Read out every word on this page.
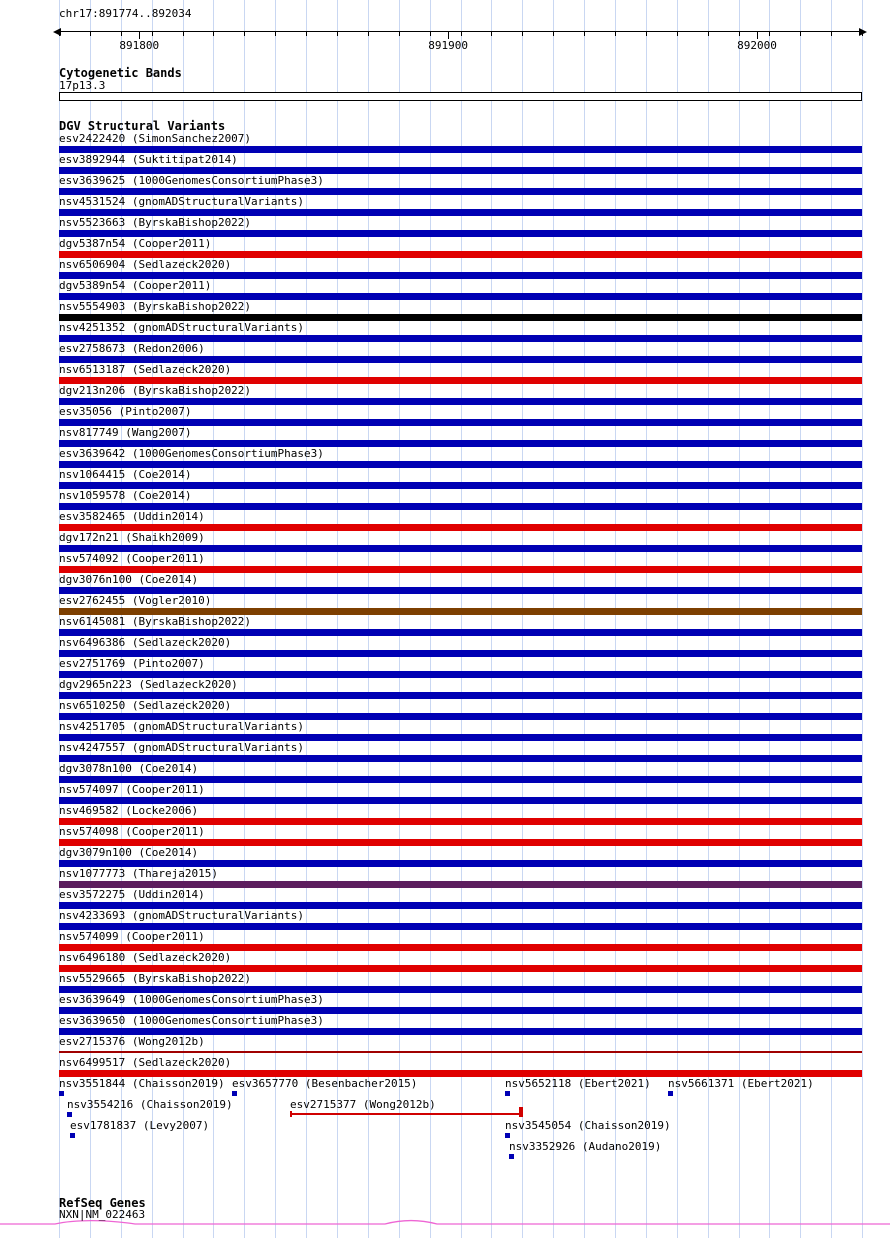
chr17:891774..892034
891800	891900	892000
Cytogenetic Bands
17p13.3
DGV Structural Variants
esv2422420 (SimonSanchez2007)
esv3892944 (Suktitipat2014)
esv3639625 (1000GenomesConsortiumPhase3)
nsv4531524 (gnomADStructuralVariants)
nsv5523663 (ByrskaBishop2022)
dgv5387n54 (Cooper2011)
nsv6506904 (Sedlazeck2020)
dgv5389n54 (Cooper2011)
nsv5554903 (ByrskaBishop2022)
nsv4251352 (gnomADStructuralVariants)
esv2758673 (Redon2006)
nsv6513187 (Sedlazeck2020)
dgv213n206 (ByrskaBishop2022)
esv35056 (Pinto2007)
nsv817749 (Wang2007)
esv3639642 (1000GenomesConsortiumPhase3)
nsv1064415 (Coe2014)
nsv1059578 (Coe2014)
esv3582465 (Uddin2014)
dgv172n21 (Shaikh2009)
nsv574092 (Cooper2011)
dgv3076n100 (Coe2014)
esv2762455 (Vogler2010)
nsv6145081 (ByrskaBishop2022)
nsv6496386 (Sedlazeck2020)
esv2751769 (Pinto2007)
dgv2965n223 (Sedlazeck2020)
nsv6510250 (Sedlazeck2020)
nsv4251705 (gnomADStructuralVariants)
nsv4247557 (gnomADStructuralVariants)
dgv3078n100 (Coe2014)
nsv574097 (Cooper2011)
nsv469582 (Locke2006)
nsv574098 (Cooper2011)
dgv3079n100 (Coe2014)
nsv1077773 (Thareja2015)
esv3572275 (Uddin2014)
nsv4233693 (gnomADStructuralVariants)
nsv574099 (Cooper2011)
nsv6496180 (Sedlazeck2020)
nsv5529665 (ByrskaBishop2022)
esv3639649 (1000GenomesConsortiumPhase3)
esv3639650 (1000GenomesConsortiumPhase3)
esv2715376 (Wong2012b)
nsv6499517 (Sedlazeck2020)
nsv3551844 (Chaisson2019) esv3657770 (Besenbacher2015)	nsv5652118 (Ebert2021) nsv5661371 (Ebert2021)
nsv3554216 (Chaisson2019)	esv2715377 (Wong2012b)
esv1781837 (Levy2007)	nsv3545054 (Chaisson2019)
nsv3352926 (Audano2019)
RefSeq Genes
NXN|NM_022463
